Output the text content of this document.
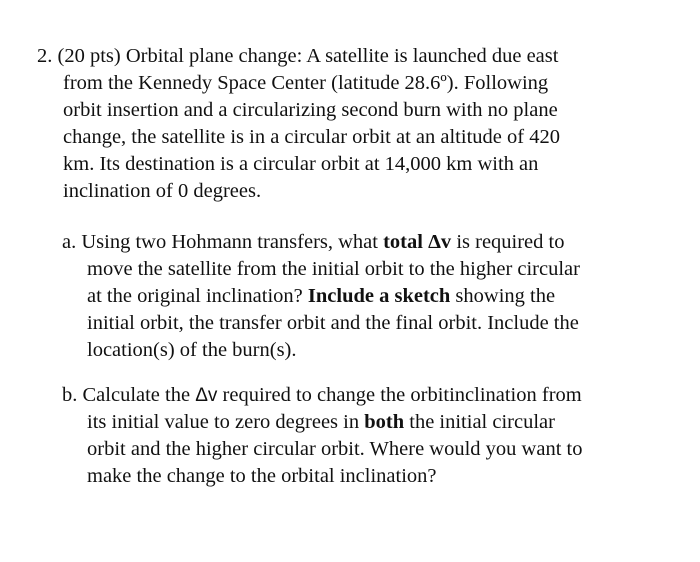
2. (20 pts) Orbital plane change: A satellite is launched due east
from the Kennedy Space Center (latitude 28.6º). Following
orbit insertion and a circularizing second burn with no plane
change, the satellite is in a circular orbit at an altitude of 420
km. Its destination is a circular orbit at 14,000 km with an
inclination of 0 degrees.
a. Using two Hohmann transfers, what total Δv is required to
move the satellite from the initial orbit to the higher circular
at the original inclination? Include a sketch showing the
initial orbit, the transfer orbit and the final orbit. Include the
location(s) of the burn(s).
b. Calculate the Δv required to change the orbitinclination from
its initial value to zero degrees in both the initial circular
orbit and the higher circular orbit. Where would you want to
make the change to the orbital inclination?
